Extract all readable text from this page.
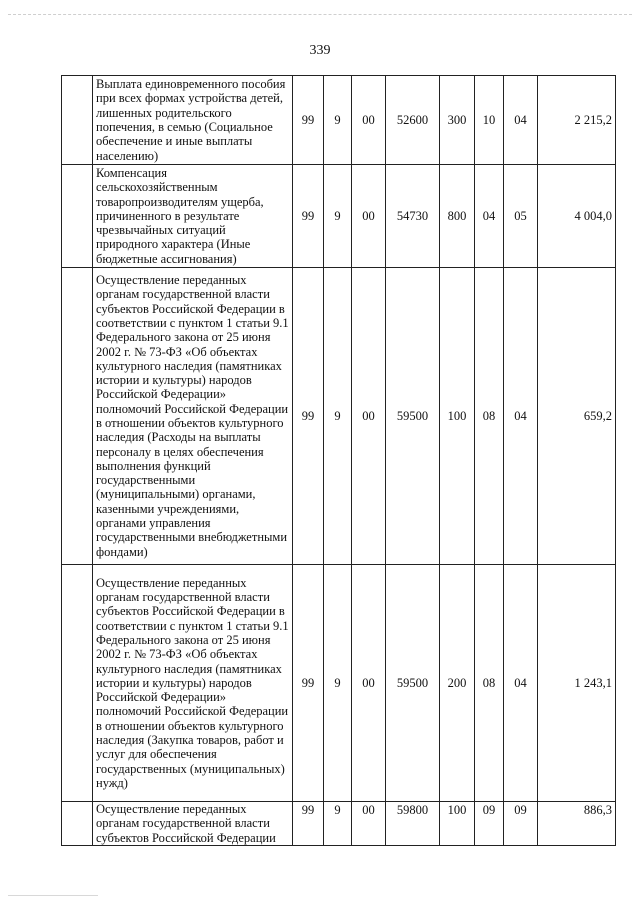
339
	Выплата единовременного пособия при всех формах устройства детей, лишенных родительского попечения, в семью (Социальное обеспечение и иные выплаты населению)	99	9	00	52600	300	10	04	2 215,2
	Компенсация сельскохозяйственным товаропроизводителям ущерба, причиненного в результате чрезвычайных ситуаций природного характера (Иные бюджетные ассигнования)	99	9	00	54730	800	04	05	4 004,0
	Осуществление переданных органам государственной власти субъектов Российской Федерации в соответствии с пунктом 1 статьи 9.1 Федерального закона от 25 июня 2002 г. № 73-ФЗ «Об объектах культурного наследия (памятниках истории и культуры) народов Российской Федерации» полномочий Российской Федерации в отношении объектов культурного наследия (Расходы на выплаты персоналу в целях обеспечения выполнения функций государственными (муниципальными) органами, казенными учреждениями, органами управления государственными внебюджетными фондами)	99	9	00	59500	100	08	04	659,2
	Осуществление переданных органам государственной власти субъектов Российской Федерации в соответствии с пунктом 1 статьи 9.1 Федерального закона от 25 июня 2002 г. № 73-ФЗ «Об объектах культурного наследия (памятниках истории и культуры) народов Российской Федерации» полномочий Российской Федерации в отношении объектов культурного наследия (Закупка товаров, работ и услуг для обеспечения государственных (муниципальных) нужд)	99	9	00	59500	200	08	04	1 243,1
	Осуществление переданных органам государственной власти субъектов Российской Федерации	99	9	00	59800	100	09	09	886,3
